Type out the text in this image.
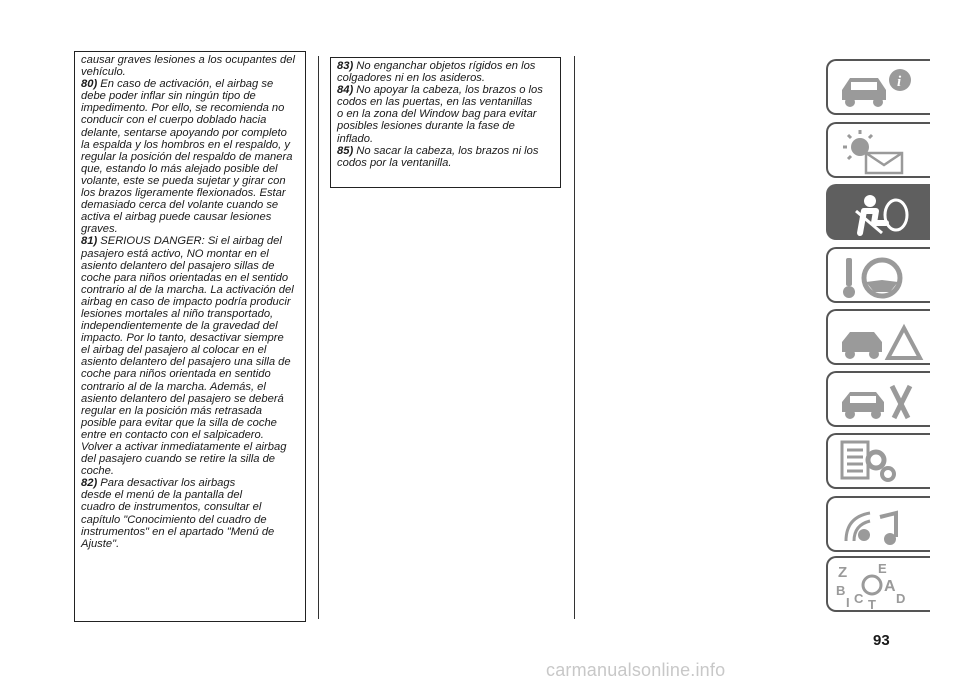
causar graves lesiones a los ocupantes del
vehículo.
80) En caso de activación, el airbag se
debe poder inflar sin ningún tipo de
impedimento. Por ello, se recomienda no
conducir con el cuerpo doblado hacia
delante, sentarse apoyando por completo
la espalda y los hombros en el respaldo, y
regular la posición del respaldo de manera
que, estando lo más alejado posible del
volante, este se pueda sujetar y girar con
los brazos ligeramente flexionados. Estar
demasiado cerca del volante cuando se
activa el airbag puede causar lesiones
graves.
81) SERIOUS DANGER: Si el airbag del
pasajero está activo, NO montar en el
asiento delantero del pasajero sillas de
coche para niños orientadas en el sentido
contrario al de la marcha. La activación del
airbag en caso de impacto podría producir
lesiones mortales al niño transportado,
independientemente de la gravedad del
impacto. Por lo tanto, desactivar siempre
el airbag del pasajero al colocar en el
asiento delantero del pasajero una silla de
coche para niños orientada en sentido
contrario al de la marcha. Además, el
asiento delantero del pasajero se deberá
regular en la posición más retrasada
posible para evitar que la silla de coche
entre en contacto con el salpicadero.
Volver a activar inmediatamente el airbag
del pasajero cuando se retire la silla de
coche.
82) Para desactivar los airbags
desde el menú de la pantalla del
cuadro de instrumentos, consultar el
capítulo "Conocimiento del cuadro de
instrumentos" en el apartado "Menú de
Ajuste".
83) No enganchar objetos rígidos en los
colgadores ni en los asideros.
84) No apoyar la cabeza, los brazos o los
codos en las puertas, en las ventanillas
o en la zona del Window bag para evitar
posibles lesiones durante la fase de
inflado.
85) No sacar la cabeza, los brazos ni los
codos por la ventanilla.
i
Z E
A
B
C	D
T
I
93
carmanualsonline.info
